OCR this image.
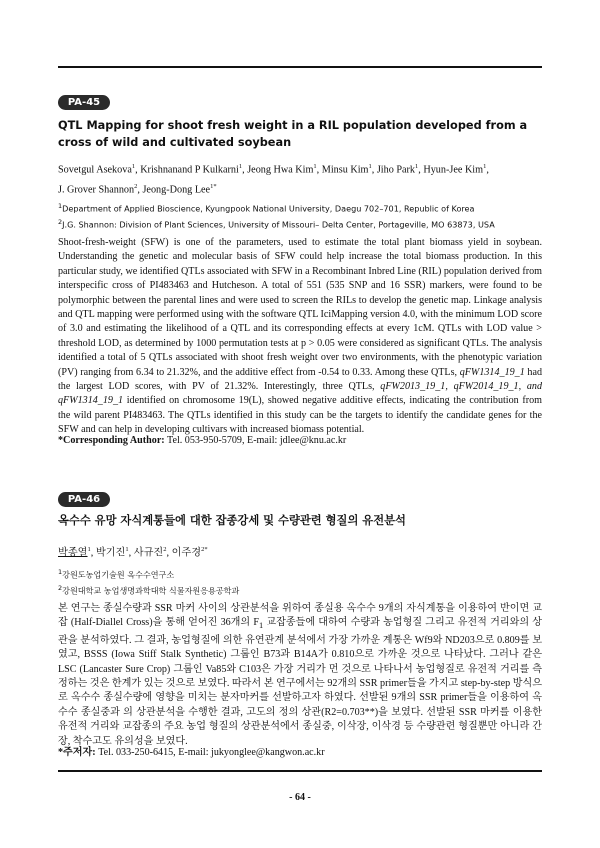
PA-45
QTL Mapping for shoot fresh weight in a RIL population developed from a cross of wild and cultivated soybean
Sovetgul Asekova$^1$, Krishnanand P Kulkarni$^1$, Jeong Hwa Kim$^1$, Minsu Kim$^1$, Jiho Park$^1$, Hyun-Jee Kim$^1$,
J. Grover Shannon$^2$, Jeong-Dong Lee$^{1*}$
$^1$Department of Applied Bioscience, Kyungpook National University, Daegu 702–701, Republic of Korea
$^2$J.G. Shannon: Division of Plant Sciences, University of Missouri– Delta Center, Portageville, MO 63873, USA

Shoot-fresh-weight (SFW) is one of the parameters, used to estimate the total plant biomass yield in soybean. Understanding the genetic and molecular basis of SFW could help increase the total biomass production. In this particular study, we identified QTLs associated with SFW in a Recombinant Inbred Line (RIL) population derived from interspecific cross of PI483463 and Hutcheson. A total of 551 (535 SNP and 16 SSR) markers, were found to be polymorphic between the parental lines and were used to screen the RILs to develop the genetic map. Linkage analysis and QTL mapping were performed using with the software QTL IciMapping version 4.0, with the minimum LOD score of 3.0 and estimating the likelihood of a QTL and its corresponding effects at every 1cM. QTLs with LOD value > threshold LOD, as determined by 1000 permutation tests at p > 0.05 were considered as significant QTLs. The analysis identified a total of 5 QTLs associated with shoot fresh weight over two environments, with the phenotypic variation (PV) ranging from 6.34 to 21.32%, and the additive effect from -0.54 to 0.33. Among these QTLs, qFW1314_19_1 had the largest LOD scores, with PV of 21.32%. Interestingly, three QTLs, qFW2013_19_1, qFW2014_19_1, and qFW1314_19_1 identified on chromosome 19(L), showed negative additive effects, indicating the contribution from the wild parent PI483463. The QTLs identified in this study can be the targets to identify the candidate genes for the SFW and can help in developing cultivars with increased biomass potential.

*Corresponding Author: Tel. 053-950-5709, E-mail: jdlee@knu.ac.kr
PA-46
옥수수 유망 자식계통들에 대한 잡종강세 및 수량관련 형질의 유전분석
박종열$^1$, 박기진$^1$, 사규진$^2$, 이주경$^{2*}$
$^1$강원도농업기술원 옥수수연구소
$^2$강원대학교 농업생명과학대학 식물자원응용공학과

본 연구는 종실수량과 SSR 마커 사이의 상관분석을 위하여 종실용 옥수수 9개의 자식계통을 이용하여 반이면 교잡 (Half-Diallel Cross)을 통해 얻어진 36개의 $F_1$ 교잡종들에 대하여 수량과 농업형질 그리고 유전적 거리와의 상관을 분석하였다. 그 결과, 농업형질에 의한 유연관계 분석에서 가장 가까운 계통은 Wf9와 ND203으로 0.809를 보였고, BSSS (Iowa Stiff Stalk Synthetic) 그룹인 B73과 B14A가 0.810으로 가까운 것으로 나타났다. 그러나 같은 LSC (Lancaster Sure Crop) 그룹인 Va85와 C103은 가장 거리가 먼 것으로 나타나서 농업형질로 유전적 거리를 측정하는 것은 한계가 있는 것으로 보였다. 따라서 본 연구에서는 92개의 SSR primer들을 가지고 step-by-step 방식으로 옥수수 종실수량에 영향을 미치는 분자마커를 선발하고자 하였다. 선발된 9개의 SSR primer들을 이용하여 옥수수 종실중과 의 상관분석을 수행한 결과, 고도의 정의 상관(R2=0.703**)을 보였다. 선발된 SSR 마커를 이용한 유전적 거리와 교잡종의 주요 농업 형질의 상관분석에서 종실중, 이삭장, 이삭경 등 수량관련 형질뿐만 아니라 간장, 착수고도 유의성을 보였다.

*주저자: Tel. 033-250-6415, E-mail: jukyonglee@kangwon.ac.kr
- 64 -
